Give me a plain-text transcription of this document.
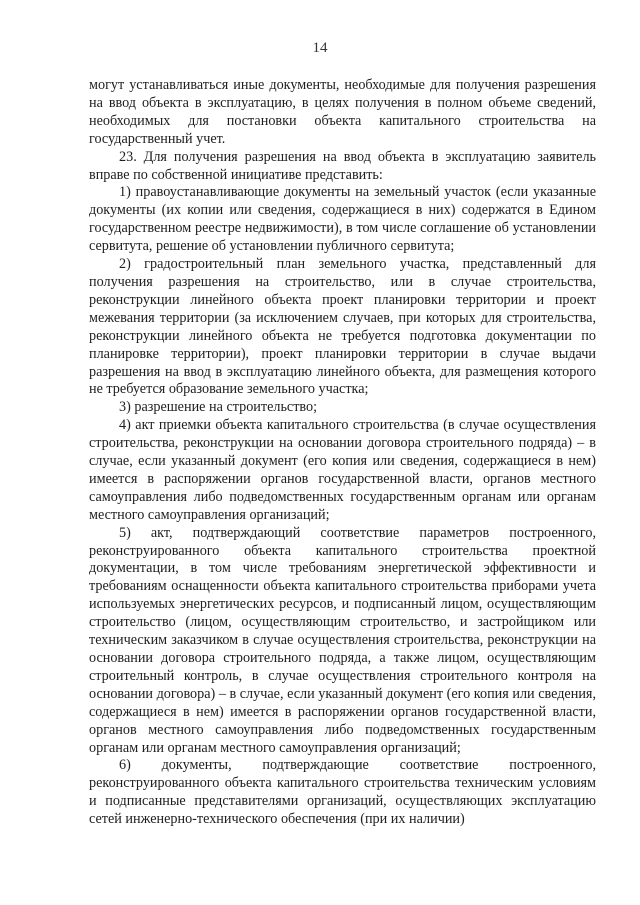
14

могут устанавливаться иные документы, необходимые для получения разрешения на ввод объекта в эксплуатацию, в целях получения в полном объеме сведений, необходимых для постановки объекта капитального строительства на государственный учет.

23. Для получения разрешения на ввод объекта в эксплуатацию заявитель вправе по собственной инициативе представить:

1) правоустанавливающие документы на земельный участок (если указанные документы (их копии или сведения, содержащиеся в них) содержатся в Едином государственном реестре недвижимости), в том числе соглашение об установлении сервитута, решение об установлении публичного сервитута;

2) градостроительный план земельного участка, представленный для получения разрешения на строительство, или в случае строительства, реконструкции линейного объекта проект планировки территории и проект межевания территории (за исключением случаев, при которых для строительства, реконструкции линейного объекта не требуется подготовка документации по планировке территории), проект планировки территории в случае выдачи разрешения на ввод в эксплуатацию линейного объекта, для размещения которого не требуется образование земельного участка;

3) разрешение на строительство;

4) акт приемки объекта капитального строительства (в случае осуществления строительства, реконструкции на основании договора строительного подряда) – в случае, если указанный документ (его копия или сведения, содержащиеся в нем) имеется в распоряжении органов государственной власти, органов местного самоуправления либо подведомственных государственным органам или органам местного самоуправления организаций;

5) акт, подтверждающий соответствие параметров построенного, реконструированного объекта капитального строительства проектной документации, в том числе требованиям энергетической эффективности и требованиям оснащенности объекта капитального строительства приборами учета используемых энергетических ресурсов, и подписанный лицом, осуществляющим строительство (лицом, осуществляющим строительство, и застройщиком или техническим заказчиком в случае осуществления строительства, реконструкции на основании договора строительного подряда, а также лицом, осуществляющим строительный контроль, в случае осуществления строительного контроля на основании договора) – в случае, если указанный документ (его копия или сведения, содержащиеся в нем) имеется в распоряжении органов государственной власти, органов местного самоуправления либо подведомственных государственным органам или органам местного самоуправления организаций;

6) документы, подтверждающие соответствие построенного, реконструированного объекта капитального строительства техническим условиям и подписанные представителями организаций, осуществляющих эксплуатацию сетей инженерно-технического обеспечения (при их наличии)
